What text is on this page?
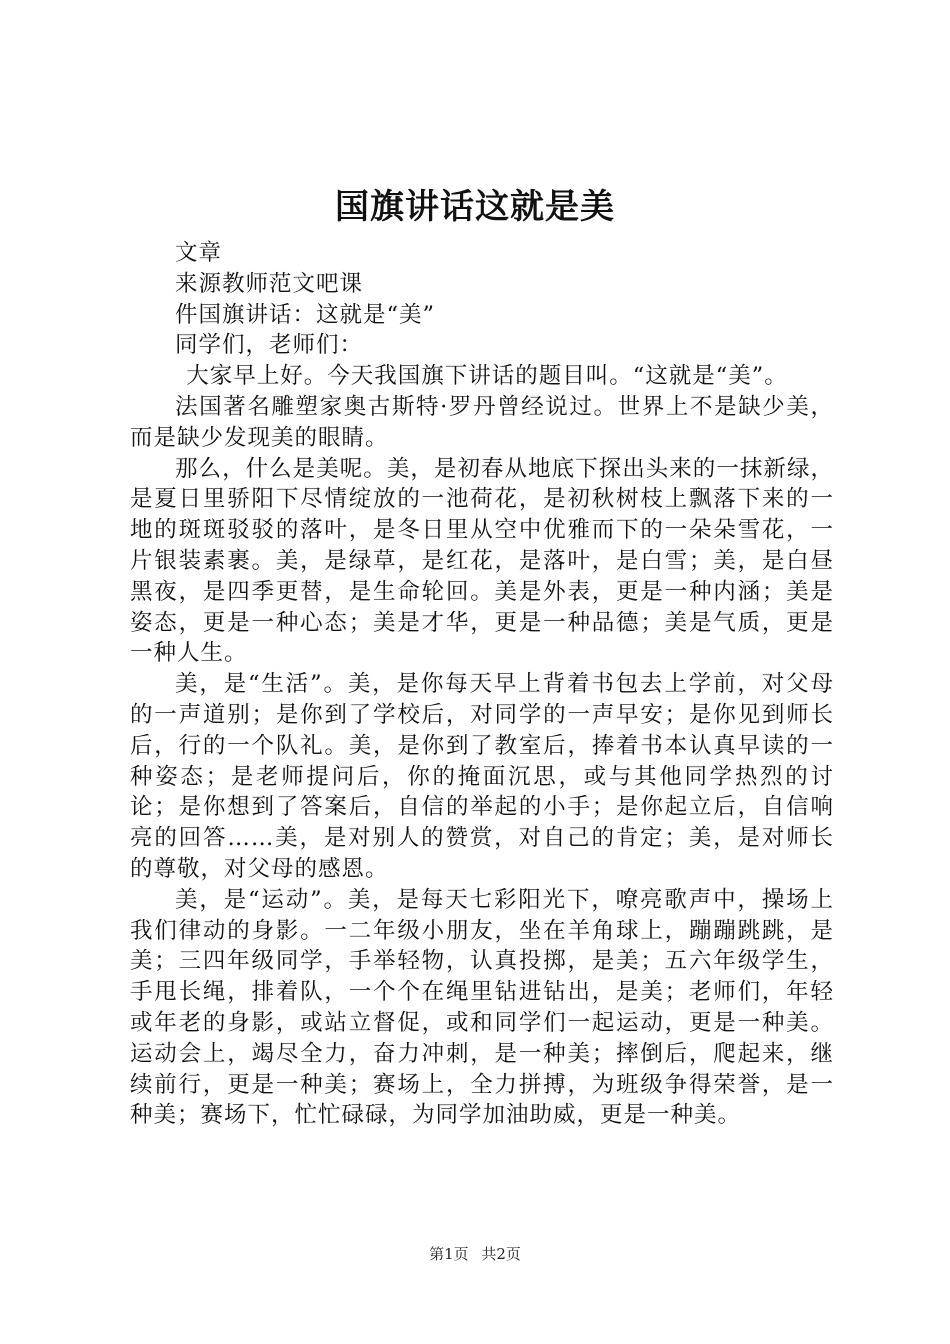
国旗讲话这就是美

文章

来源教师范文吧课

件国旗讲话：这就是“美”

同学们，老师们：

大家早上好。今天我国旗下讲话的题目叫。“这就是“美”。

法国著名雕塑家奥古斯特·罗丹曾经说过。世界上不是缺少美，而是缺少发现美的眼睛。

那么，什么是美呢。美，是初春从地底下探出头来的一抹新绿，是夏日里骄阳下尽情绽放的一池荷花，是初秋树枝上飘落下来的一地的斑斑驳驳的落叶，是冬日里从空中优雅而下的一朵朵雪花，一片银装素裹。美，是绿草，是红花，是落叶，是白雪；美，是白昼黑夜，是四季更替，是生命轮回。美是外表，更是一种内涵；美是姿态，更是一种心态；美是才华，更是一种品德；美是气质，更是一种人生。

美，是“生活”。美，是你每天早上背着书包去上学前，对父母的一声道别；是你到了学校后，对同学的一声早安；是你见到师长后，行的一个队礼。美，是你到了教室后，捧着书本认真早读的一种姿态；是老师提问后，你的掩面沉思，或与其他同学热烈的讨论；是你想到了答案后，自信的举起的小手；是你起立后，自信响亮的回答……美，是对别人的赞赏，对自己的肯定；美，是对师长的尊敬，对父母的感恩。

美，是“运动”。美，是每天七彩阳光下，嘹亮歌声中，操场上我们律动的身影。一二年级小朋友，坐在羊角球上，蹦蹦跳跳，是美；三四年级同学，手举轻物，认真投掷，是美；五六年级学生，手甩长绳，排着队，一个个在绳里钻进钻出，是美；老师们，年轻或年老的身影，或站立督促，或和同学们一起运动，更是一种美。运动会上，竭尽全力，奋力冲刺，是一种美；摔倒后，爬起来，继续前行，更是一种美；赛场上，全力拼搏，为班级争得荣誉，是一种美；赛场下，忙忙碌碌，为同学加油助威，更是一种美。

第1页 共2页
